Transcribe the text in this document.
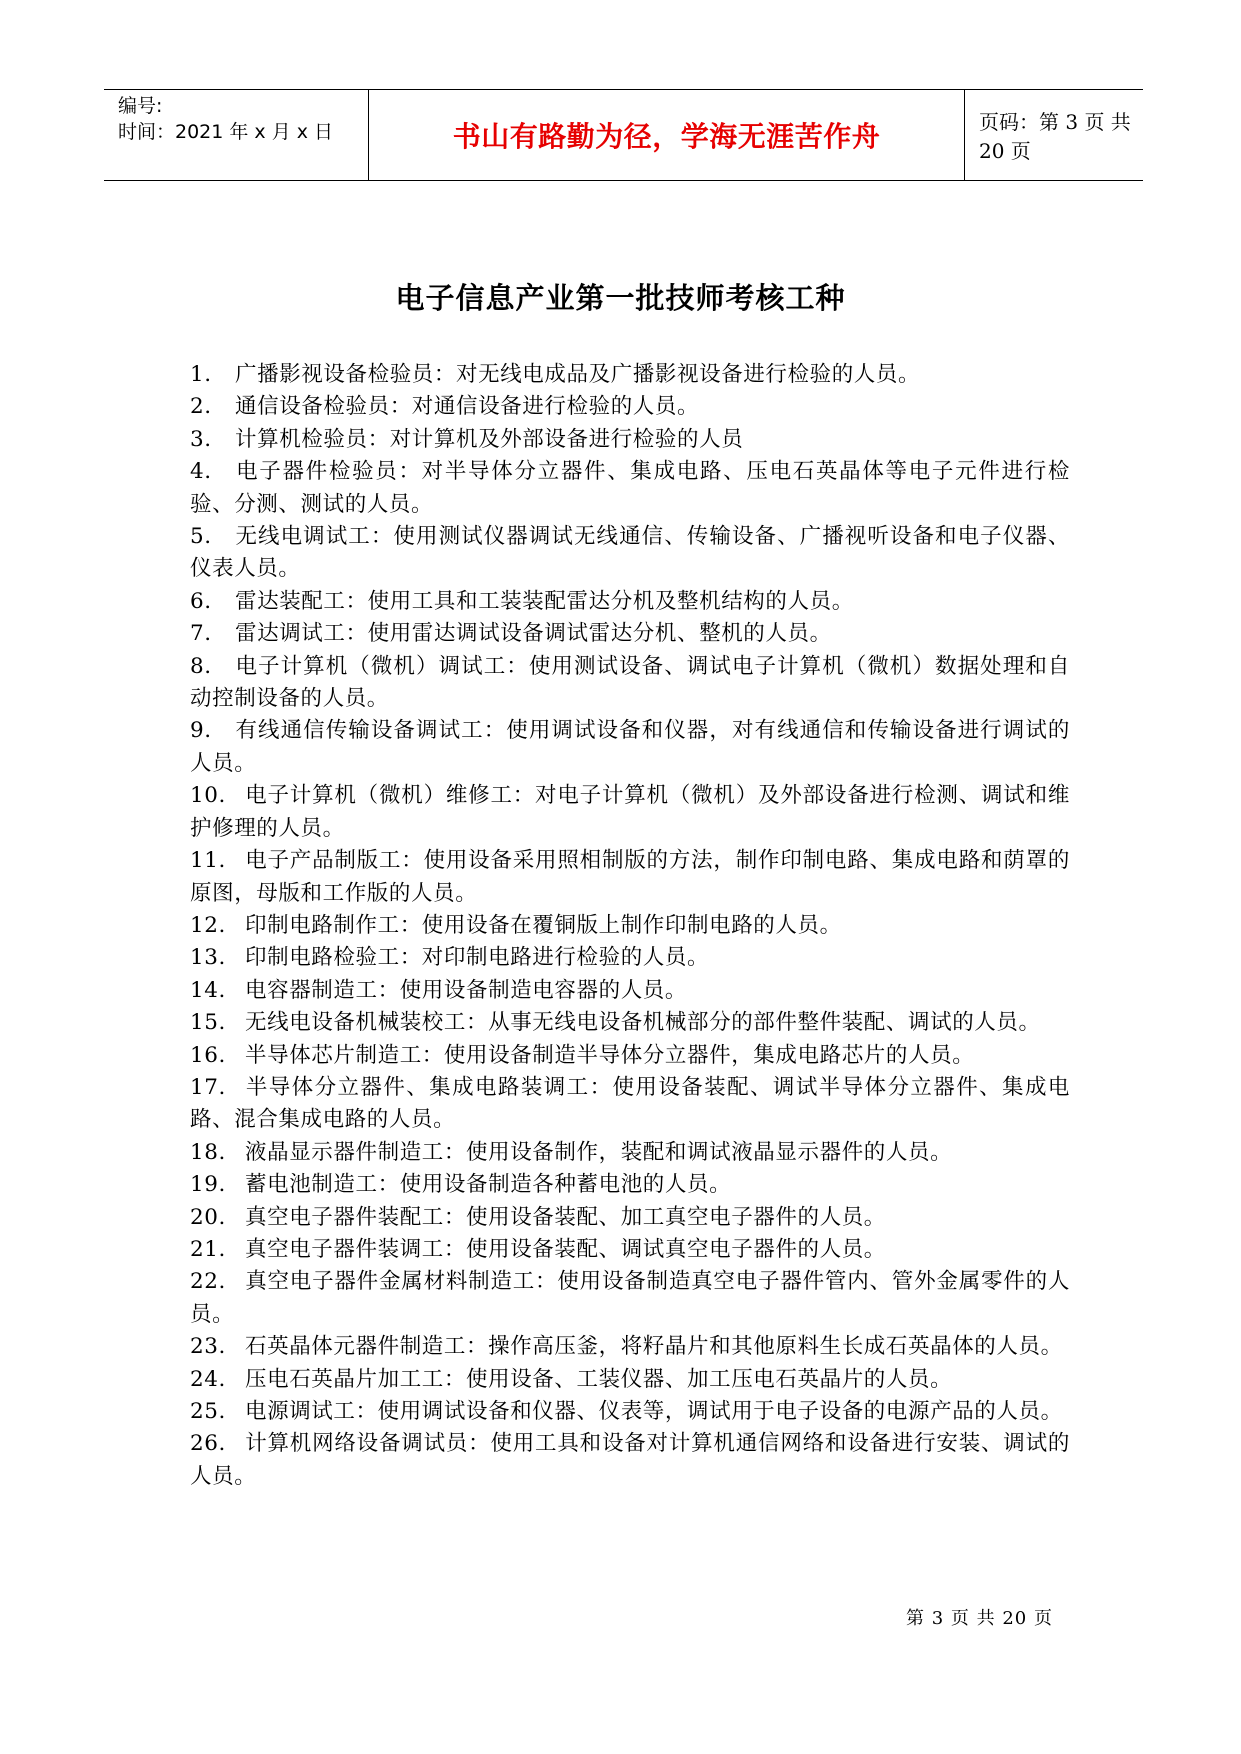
编号:
时间：2021 年 x 月 x 日	书山有路勤为径，学海无涯苦作舟	页码：第 3 页 共 20 页
电子信息产业第一批技师考核工种

1. 广播影视设备检验员：对无线电成品及广播影视设备进行检验的人员。

2. 通信设备检验员：对通信设备进行检验的人员。

3. 计算机检验员：对计算机及外部设备进行检验的人员

4. 电子器件检验员：对半导体分立器件、集成电路、压电石英晶体等电子元件进行检验、分测、测试的人员。

5. 无线电调试工：使用测试仪器调试无线通信、传输设备、广播视听设备和电子仪器、仪表人员。

6. 雷达装配工：使用工具和工装装配雷达分机及整机结构的人员。

7. 雷达调试工：使用雷达调试设备调试雷达分机、整机的人员。

8. 电子计算机（微机）调试工：使用测试设备、调试电子计算机（微机）数据处理和自动控制设备的人员。

9. 有线通信传输设备调试工：使用调试设备和仪器，对有线通信和传输设备进行调试的人员。

10. 电子计算机（微机）维修工：对电子计算机（微机）及外部设备进行检测、调试和维护修理的人员。

11. 电子产品制版工：使用设备采用照相制版的方法，制作印制电路、集成电路和荫罩的原图，母版和工作版的人员。

12. 印制电路制作工：使用设备在覆铜版上制作印制电路的人员。

13. 印制电路检验工：对印制电路进行检验的人员。

14. 电容器制造工：使用设备制造电容器的人员。

15. 无线电设备机械装校工：从事无线电设备机械部分的部件整件装配、调试的人员。

16. 半导体芯片制造工：使用设备制造半导体分立器件，集成电路芯片的人员。

17. 半导体分立器件、集成电路装调工：使用设备装配、调试半导体分立器件、集成电路、混合集成电路的人员。

18. 液晶显示器件制造工：使用设备制作，装配和调试液晶显示器件的人员。

19. 蓄电池制造工：使用设备制造各种蓄电池的人员。

20. 真空电子器件装配工：使用设备装配、加工真空电子器件的人员。

21. 真空电子器件装调工：使用设备装配、调试真空电子器件的人员。

22. 真空电子器件金属材料制造工：使用设备制造真空电子器件管内、管外金属零件的人员。

23. 石英晶体元器件制造工：操作高压釜，将籽晶片和其他原料生长成石英晶体的人员。

24. 压电石英晶片加工工：使用设备、工装仪器、加工压电石英晶片的人员。

25. 电源调试工：使用调试设备和仪器、仪表等，调试用于电子设备的电源产品的人员。

26. 计算机网络设备调试员：使用工具和设备对计算机通信网络和设备进行安装、调试的人员。

第 3 页 共 20 页
